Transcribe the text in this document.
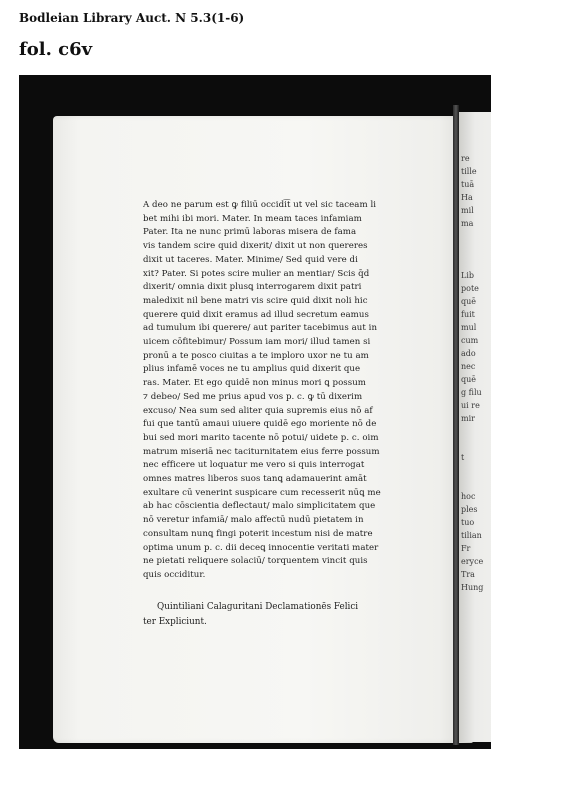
Bodleian Library Auct. N 5.3(1-6)
fol. c6v
A deo ne parum est ꝙ filiū occidi͡t ut vel sic taceam li
bet mihi ibi mori. Mater. In meam taces infamiam
Pater. Ita ne nunc primū laboras misera de fama
vis tandem scire quid dixerit/ dixit ut non quereres
dixit ut taceres. Mater. Minime/ Sed quid vere di
xit? Pater. Si potes scire mulier an mentiar/ Scis q̄d
dixerit/ omnia dixit plusꝗ interrogarem dixit patri
maledixit nil bene matri vis scire quid dixit noli hic
querere quid dixit eramus ad illud secretum eamus
ad tumulum ibi querere/ aut pariter tacebimus aut in
uicem cōfitebimur/ Possum iam mori/ illud tamen si
pronū a te posco ciuitas a te imploro uxor ne tu am
plius infamē voces ne tu amplius quid dixerit que
ras. Mater. Et ego quidē non minus mori ꝗ possum
⁊ debeo/ Sed me prius apud vos p. c. ꝙ tū dixerim
excuso/ Nea sum sed aliter quia supremis eius nō af
fui que tantū amaui uiuere quidē ego moriente nō de
bui sed mori marito tacente nō potui/ uidete p. c. oim
matrum miseriā nec taciturnitatem eius ferre possum
nec efficere ut loquatur me vero si quis interrogat
omnes matres liberos suos tanꝗ adamauerint amāt
exultare cū venerint suspicare cum recesserit nūꝗ me
ab hac cōscientia deflectaut/ malo simplicitatem que
nō veretur infamiā/ malo affectū nudū pietatem in
consultam nunꝗ fingi poterit incestum nisi de matre
optima unum p. c. dii deceꝗ innocentie veritati mater
ne pietati reliquere solaciū/ torquentem vincit quis
quis occiditur.
Quintiliani Calaguritani Declamationēs Felici
ter Expliciunt.
re
tille
tuā
Ha
mil
ma
Lib
pote
quē
fuit
mul
cum
ado
nec
quē
g filu
ui re
mir
t
hoc
ples
tuo
tilian
Fr
eryce
Tra
Hung
